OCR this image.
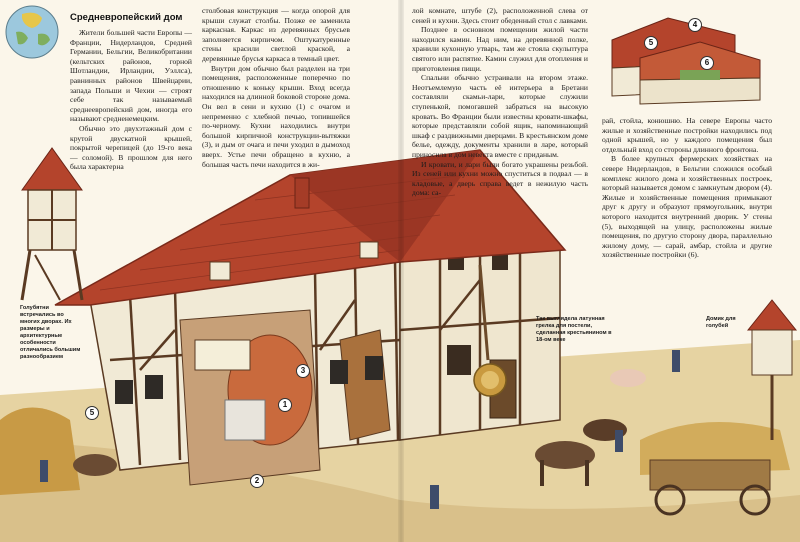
1
2
3
4
5
6
5
Средневропейский дом

Жители большей части Европы — Франции, Нидерландов, Средней Германии, Бельгии, Великобритании (кельтских районов, горной Шотландии, Ирландии, Уэллса), равнинных районов Швейцарии, запада Польши и Чехии — строят себе так называемый среднеевропейский дом, иногда его называют средненемецким.

Обычно это двухэтажный дом с крутой двускатной крышей, покрытой черепицей (до 19-го века — соломой). В прошлом для него была характерна

столбовая конструкция — когда опорой для крыши служат столбы. Позже ее заменила каркасная. Каркас из деревянных брусьев заполняется кирпичом. Оштукатуренные стены красили светлой краской, а деревянные брусья каркаса в темный цвет.

Внутри дом обычно был разделен на три помещения, расположенные поперечно по отношению к коньку крыши. Вход всегда находился на длинной боковой стороне дома. Он вел в сени и кухню (1) с очагом и непременно с хлебной печью, топившейся по-черному. Кухни находились внутри большой кирпичной конструкции-вытяжки (3), и дым от очага и печи уходил в дымоход вверх. Устье печи обращено в кухню, а большая часть печи находится в жи-

лой комнате, штубе (2), расположенной слева от сеней и кухни. Здесь стоит обеденный стол с лавками.

Позднее в основном помещении жилой части находился камин. Над ним, на деревянной полке, хранили кухонную утварь, там же стояла скульптура святого или распятие. Камин служил для отопления и приготовления пищи.

Спальни обычно устраивали на втором этаже. Неотъемлемую часть её интерьера в Бретани составляли скамьи-лари, которые служили ступенькой, помогавшей забраться на высокую кровать. Во Франции были известны кровати-шкафы, которые представляли собой ящик, напоминающий шкаф с раздвижными дверцами. В крестьянском доме белье, одежду, документы хранили в ларе, который приносила в дом невеста вместе с приданым.

И кровати, и лари были богато украшены резьбой. Из сеней или кухни можно спуститься в подвал — в кладовые, а дверь справа ведет в нежилую часть дома: са-

рай, стойла, конюшню. На севере Европы часто жилые и хозяйственные постройки находились под одной крышей, но у каждого помещения был отдельный вход со стороны длинного фронтона.

В более крупных фермерских хозяйствах на севере Нидерландов, в Бельгии сложился особый комплекс жилого дома и хозяйственных построек, который называется домом с замкнутым двором (4). Жилые и хозяйственные помещения примыкают друг к другу и образуют прямоугольник, внутри которого находится внутренний дворик. У стены (5), выходящей на улицу, расположены жилые помещения, по другую сторону двора, параллельно жилому дому, — сарай, амбар, стойла и другие хозяйственные постройки (6).

Голубятни встречались во многих дворах. Их размеры и архитектурные особенности отличались большим разнообразием
Так выглядела латунная грелка для постели, сделанная крестьянином в 18-ом веке
Домик для голубей
